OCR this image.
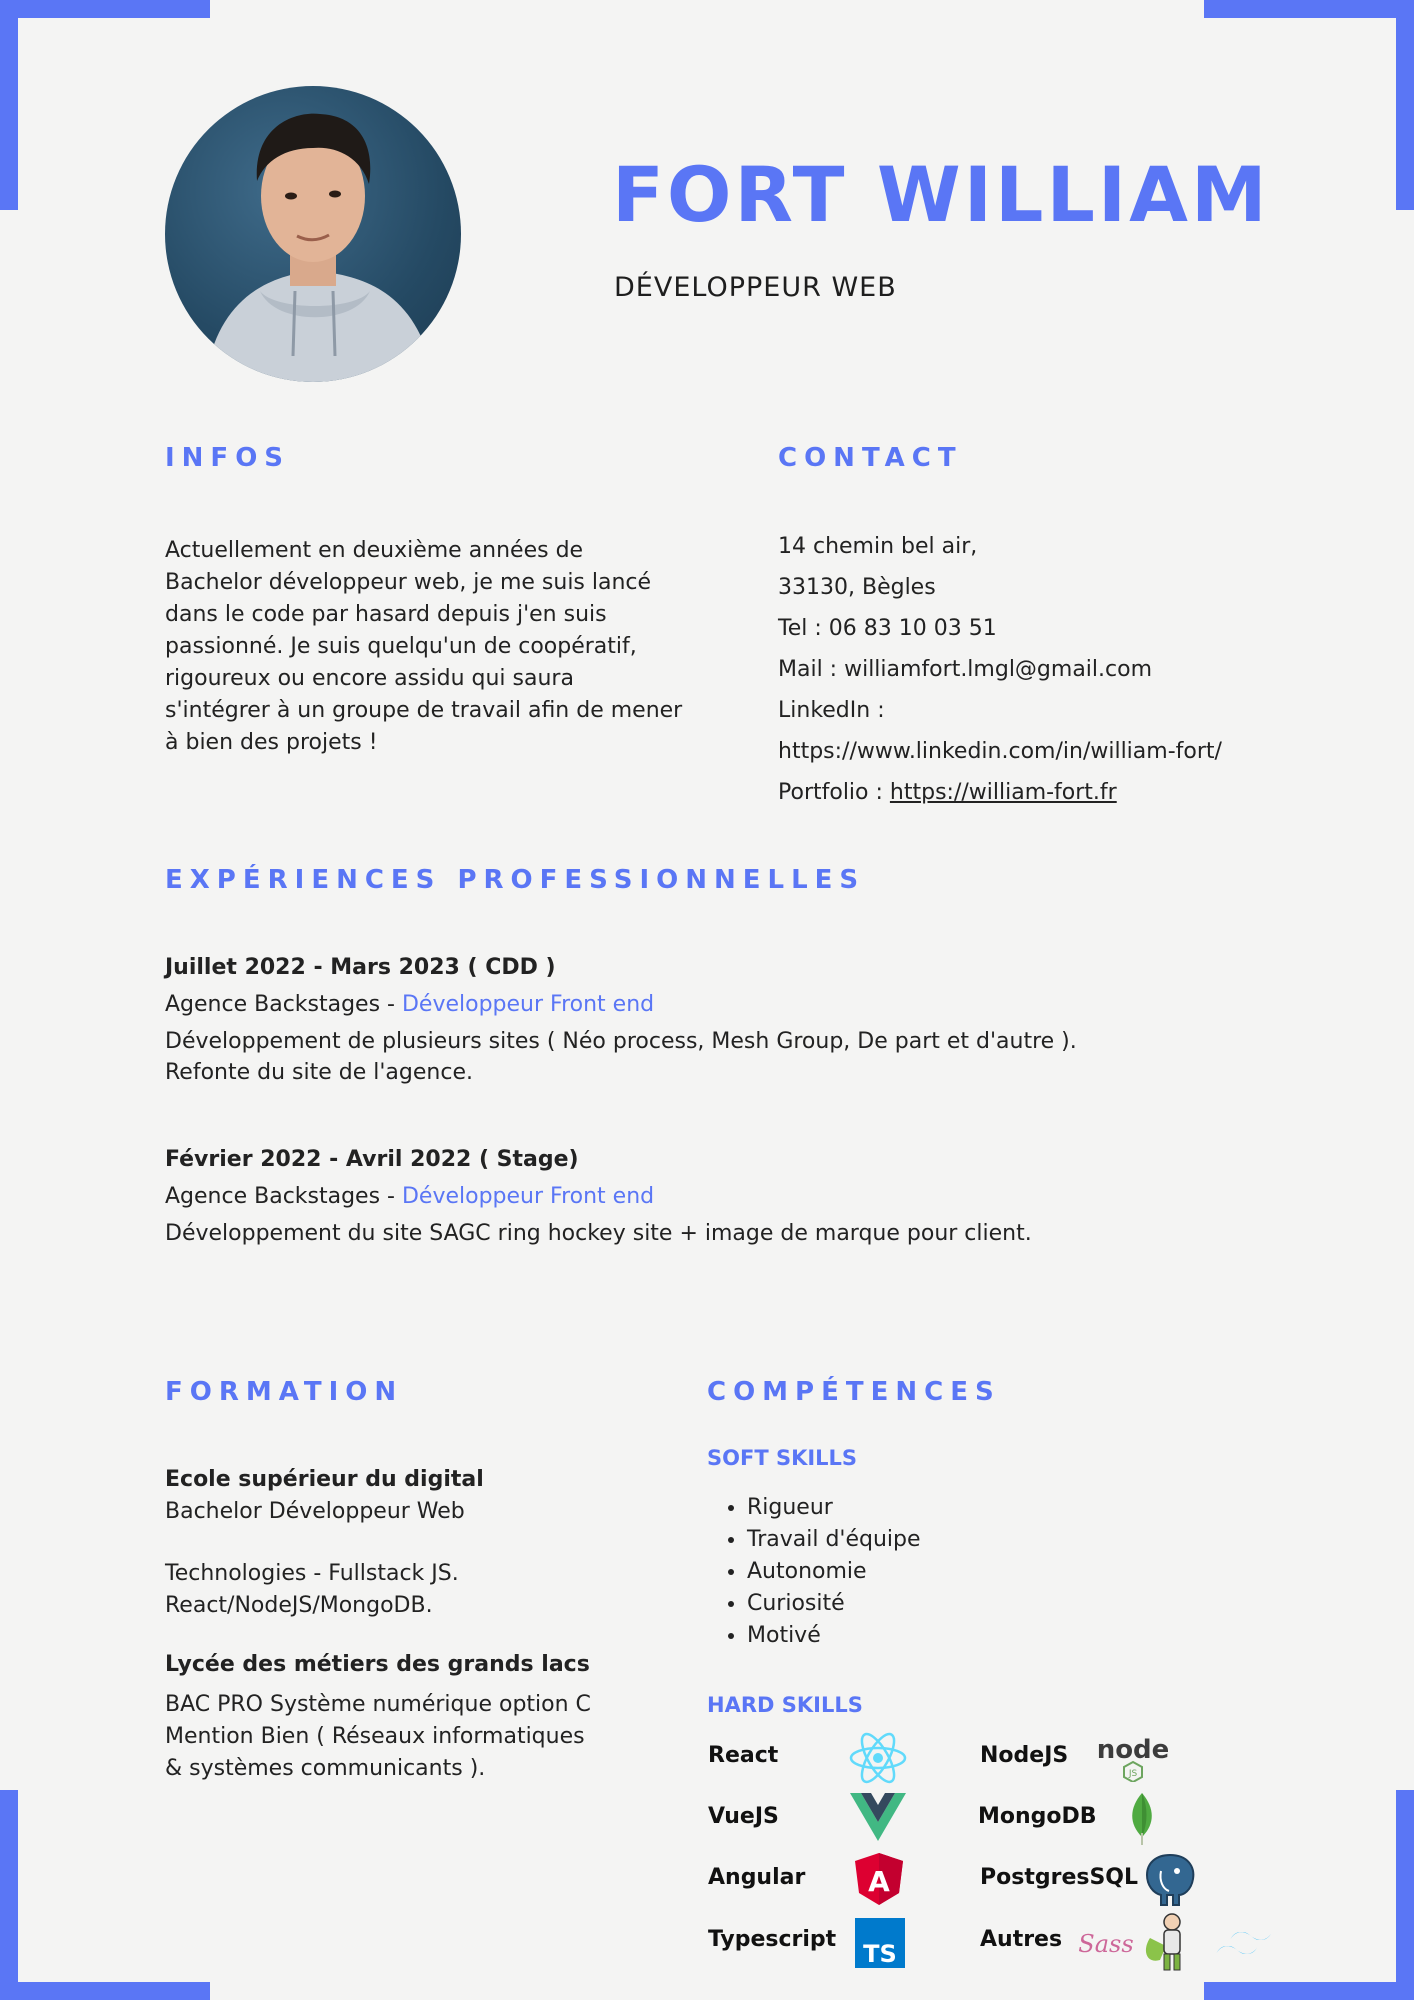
FORT WILLIAM
DÉVELOPPEUR WEB
INFOS
Actuellement en deuxième années de Bachelor développeur web, je me suis lancé dans le code par hasard depuis j'en suis passionné. Je suis quelqu'un de coopératif, rigoureux ou encore assidu qui saura s'intégrer à un groupe de travail afin de mener à bien des projets !
CONTACT
14 chemin bel air,
33130, Bègles
Tel : 06 83 10 03 51
Mail : williamfort.lmgl@gmail.com
LinkedIn :
https://www.linkedin.com/in/william-fort/
Portfolio : https://william-fort.fr
EXPÉRIENCES PROFESSIONNELLES
Juillet 2022 - Mars 2023 ( CDD )
Agence Backstages - Développeur Front end
Développement de plusieurs sites ( Néo process, Mesh Group, De part et d'autre ).
Refonte du site de l'agence.
Février 2022 - Avril 2022 ( Stage)
Agence Backstages - Développeur Front end
Développement du site SAGC ring hockey site + image de marque pour client.
FORMATION
Ecole supérieur du digital
Bachelor Développeur Web
Technologies - Fullstack JS. React/NodeJS/MongoDB.
Lycée des métiers des grands lacs
BAC PRO Système numérique option C Mention Bien ( Réseaux informatiques & systèmes communicants ).
COMPÉTENCES
SOFT SKILLS
• Rigueur
• Travail d'équipe
• Autonomie
• Curiosité
• Motivé
HARD SKILLS
React
VueJS
Angular A
Typescript
TS
NodeJS node
JS
MongoDB
PostgresSQL
Autres Sass
